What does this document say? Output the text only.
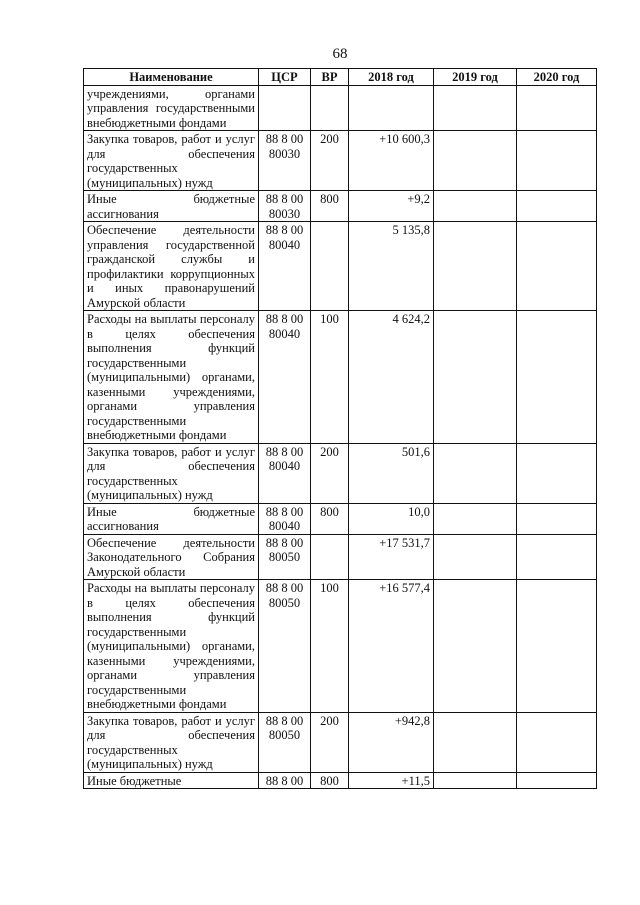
68
Наименование	ЦСР	ВР	2018 год	2019 год	2020 год
учреждениями, органами управления государственными внебюджетными фондами					
Закупка товаров, работ и услуг для обеспечения государственных (муниципальных) нужд	88 8 00 80030	200	+10 600,3		
Иные бюджетные ассигнования	88 8 00 80030	800	+9,2		
Обеспечение деятельности управления государственной гражданской службы и профилактики коррупционных и иных правонарушений Амурской области	88 8 00 80040		5 135,8		
Расходы на выплаты персоналу в целях обеспечения выполнения функций государственными (муниципальными) органами, казенными учреждениями, органами управления государственными внебюджетными фондами	88 8 00 80040	100	4 624,2		
Закупка товаров, работ и услуг для обеспечения государственных (муниципальных) нужд	88 8 00 80040	200	501,6		
Иные бюджетные ассигнования	88 8 00 80040	800	10,0		
Обеспечение деятельности Законодательного Собрания Амурской области	88 8 00 80050		+17 531,7		
Расходы на выплаты персоналу в целях обеспечения выполнения функций государственными (муниципальными) органами, казенными учреждениями, органами управления государственными внебюджетными фондами	88 8 00 80050	100	+16 577,4		
Закупка товаров, работ и услуг для обеспечения государственных (муниципальных) нужд	88 8 00 80050	200	+942,8		
Иные бюджетные	88 8 00	800	+11,5		
